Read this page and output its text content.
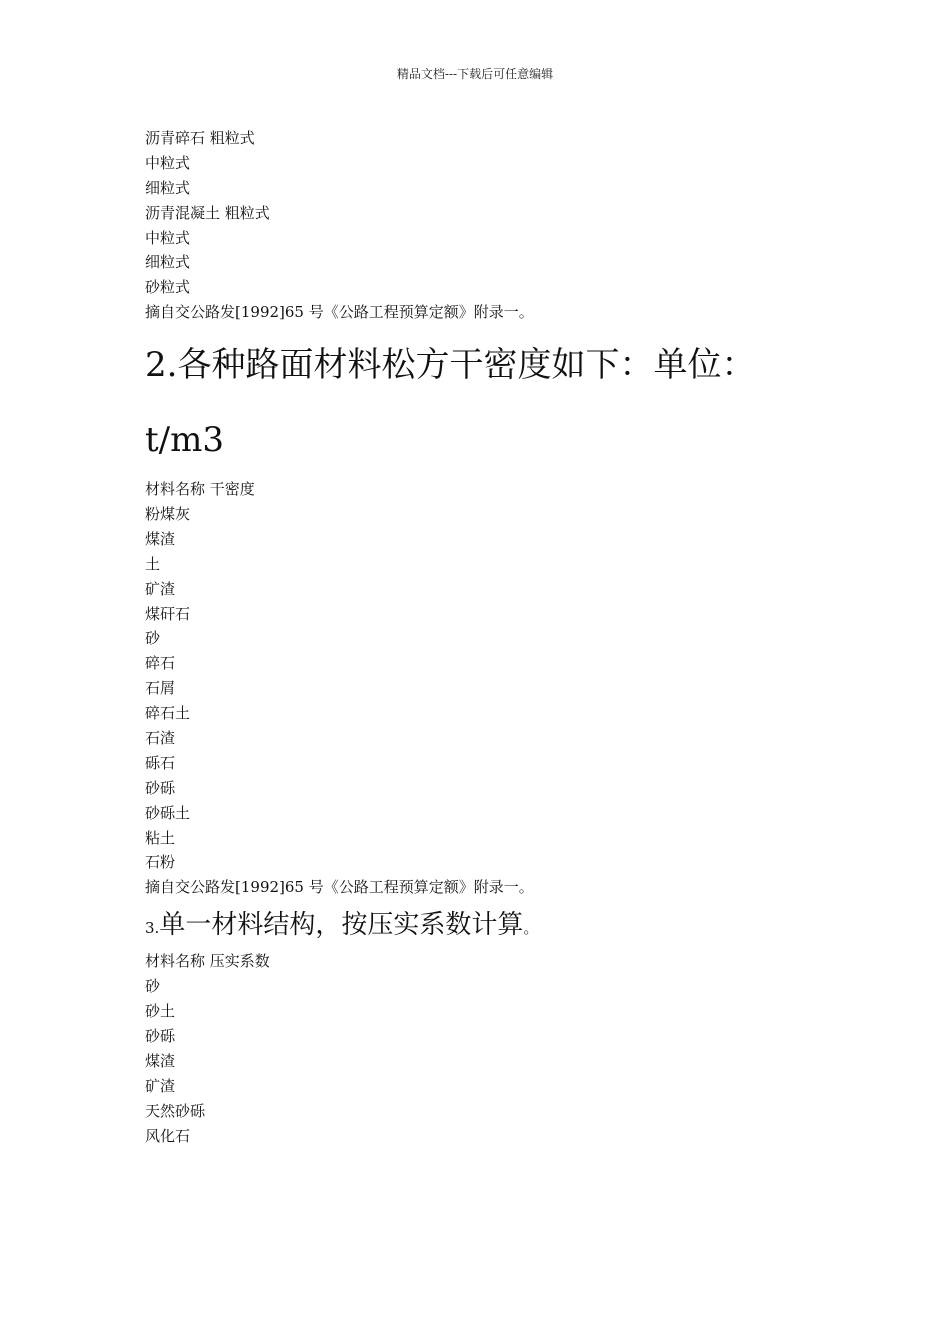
精品文档---下载后可任意编辑
沥青碎石 粗粒式
中粒式
细粒式
沥青混凝土 粗粒式
中粒式
细粒式
砂粒式
摘自交公路发[1992]65 号《公路工程预算定额》附录一。
2.各种路面材料松方干密度如下：单位：
t/m3
材料名称 干密度
粉煤灰
煤渣
土
矿渣
煤矸石
砂
碎石
石屑
碎石土
石渣
砾石
砂砾
砂砾土
粘土
石粉
摘自交公路发[1992]65 号《公路工程预算定额》附录一。
3.单一材料结构，按压实系数计算。
材料名称 压实系数
砂
砂土
砂砾
煤渣
矿渣
天然砂砾
风化石
